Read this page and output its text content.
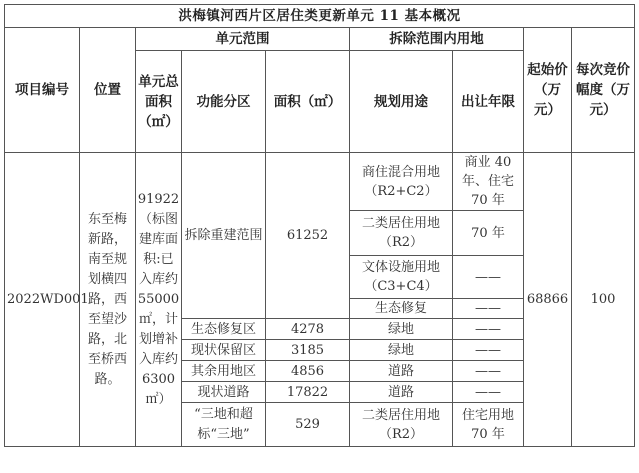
洪梅镇河西片区居住类更新单元 11 基本概况								
项目编号	位置	单元范围			拆除范围内用地		起始价（万元）	每次竞价幅度（万元）
		单元总面积（㎡）	功能分区	面积（㎡）	规划用途	出让年限		
2022WD001	东至梅新路，南至规划横四路，西至望沙路，北至桥西路。	91922（标图建库面积:已入库约55000㎡，计划增补入库约6300㎡）	拆除重建范围	61252	商住混合用地（R2+C2）	商业 40 年、住宅 70 年	68866	100
					二类居住用地（R2）	70 年		
					文体设施用地（C3+C4）	——		
					生态修复	——		
			生态修复区	4278	绿地	——		
			现状保留区	3185	绿地	——		
			其余用地区	4856	道路	——		
			现状道路	17822	道路	——		
			“三地和超标“三地”	529	二类居住用地（R2）	住宅用地 70 年		
